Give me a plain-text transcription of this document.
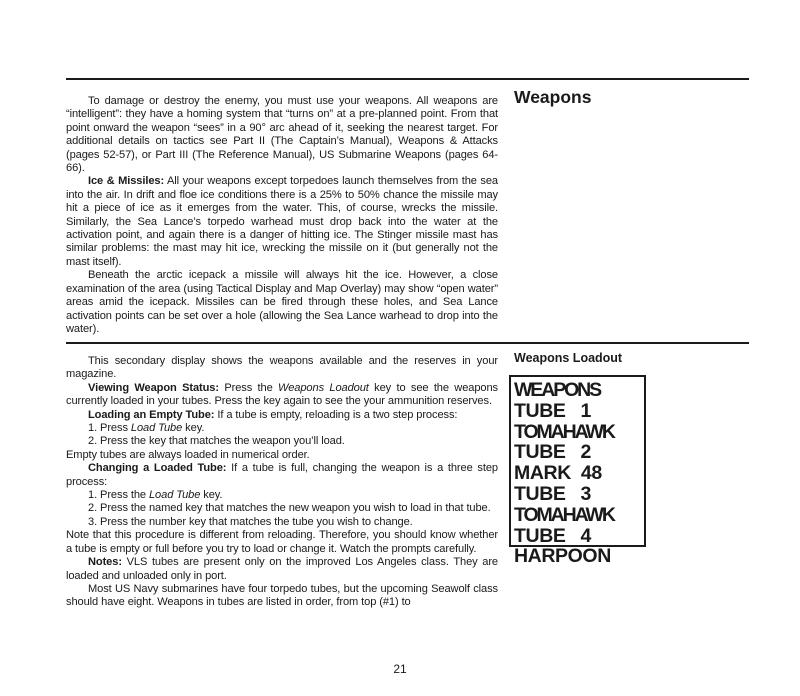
To damage or destroy the enemy, you must use your weapons. All weapons are “intelligent”: they have a homing system that “turns on” at a pre-planned point. From that point onward the weapon “sees” in a 90° arc ahead of it, seeking the nearest target. For additional details on tactics see Part II (The Captain’s Manual), Weapons & Attacks (pages 52-57), or Part III (The Reference Manual), US Submarine Weapons (pages 64-66).

Ice & Missiles: All your weapons except torpedoes launch themselves from the sea into the air. In drift and floe ice conditions there is a 25% to 50% chance the missile may hit a piece of ice as it emerges from the water. This, of course, wrecks the missile. Similarly, the Sea Lance’s torpedo warhead must drop back into the water at the activation point, and again there is a danger of hitting ice. The Stinger missile mast has similar problems: the mast may hit ice, wrecking the missile on it (but generally not the mast itself).

Beneath the arctic icepack a missile will always hit the ice. However, a close examination of the area (using Tactical Display and Map Overlay) may show “open water” areas amid the icepack. Missiles can be fired through these holes, and Sea Lance activation points can be set over a hole (allowing the Sea Lance warhead to drop into the water).

Weapons

This secondary display shows the weapons available and the reserves in your magazine.

Viewing Weapon Status: Press the Weapons Loadout key to see the weapons currently loaded in your tubes. Press the key again to see the your ammunition reserves.

Loading an Empty Tube: If a tube is empty, reloading is a two step process:

1. Press Load Tube key.

2. Press the key that matches the weapon you’ll load.

Empty tubes are always loaded in numerical order.

Changing a Loaded Tube: If a tube is full, changing the weapon is a three step process:

1. Press the Load Tube key.

2. Press the named key that matches the new weapon you wish to load in that tube.

3. Press the number key that matches the tube you wish to change.

Note that this procedure is different from reloading. Therefore, you should know whether a tube is empty or full before you try to load or change it. Watch the prompts carefully.

Notes: VLS tubes are present only on the improved Los Angeles class. They are loaded and unloaded only in port.

Most US Navy submarines have four torpedo tubes, but the upcoming Seawolf class should have eight. Weapons in tubes are listed in order, from top (#1) to

Weapons Loadout
WEAPONS
TUBE   1
TOMAHAWK
TUBE   2
MARK  48
TUBE   3
TOMAHAWK
TUBE   4
HARPOON
21
